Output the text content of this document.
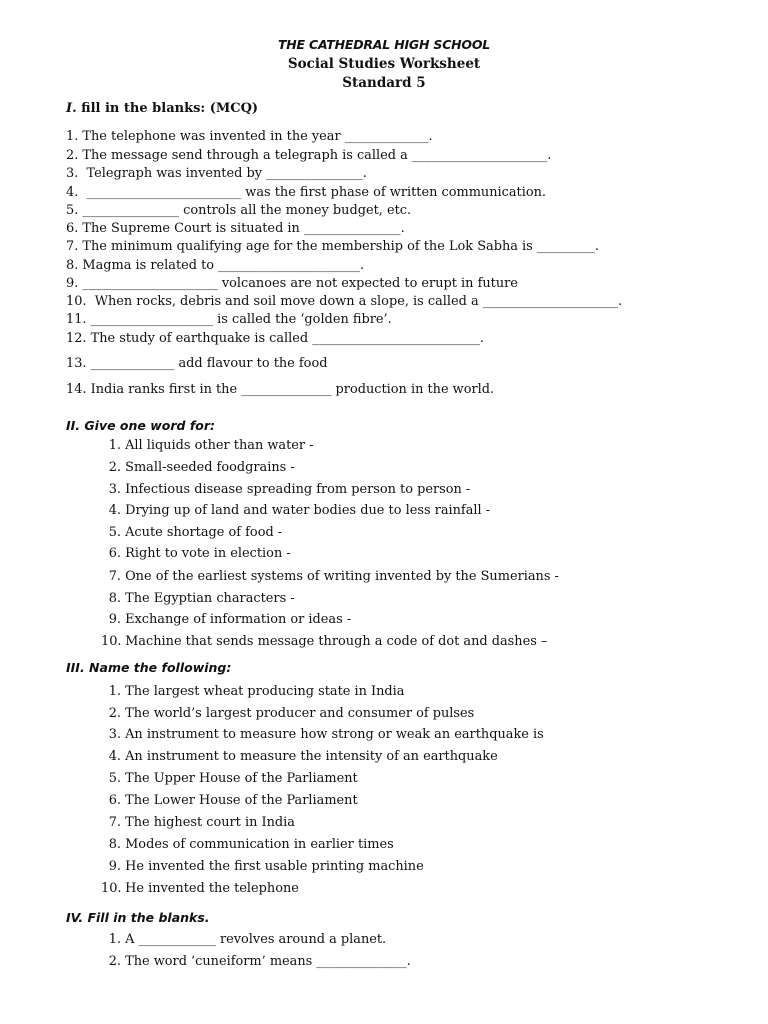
THE CATHEDRAL HIGH SCHOOL
Social Studies Worksheet
Standard 5
I. fill in the blanks: (MCQ)
1. The telephone was invented in the year _____________.
2. The message send through a telegraph is called a _____________________.
3.  Telegraph was invented by _______________.
4.  ________________________ was the first phase of written communication.
5. _______________ controls all the money budget, etc.
6. The Supreme Court is situated in _______________.
7. The minimum qualifying age for the membership of the Lok Sabha is _________.
8. Magma is related to ______________________.
9. _____________________ volcanoes are not expected to erupt in future
10.  When rocks, debris and soil move down a slope, is called a _____________________.
11. ___________________ is called the ‘golden fibre’.
12. The study of earthquake is called __________________________.
13. _____________ add flavour to the food
14. India ranks first in the ______________ production in the world.
II. Give one word for:
1. All liquids other than water -
2. Small-seeded foodgrains -
3. Infectious disease spreading from person to person -
4. Drying up of land and water bodies due to less rainfall -
5. Acute shortage of food -
6. Right to vote in election -
7. One of the earliest systems of writing invented by the Sumerians -
8. The Egyptian characters -
9. Exchange of information or ideas -
10. Machine that sends message through a code of dot and dashes –
III. Name the following:
1. The largest wheat producing state in India
2. The world’s largest producer and consumer of pulses
3. An instrument to measure how strong or weak an earthquake is
4. An instrument to measure the intensity of an earthquake
5. The Upper House of the Parliament
6. The Lower House of the Parliament
7. The highest court in India
8. Modes of communication in earlier times
9. He invented the first usable printing machine
10. He invented the telephone
IV. Fill in the blanks.
1. A ____________ revolves around a planet.
2. The word ‘cuneiform’ means ______________.
